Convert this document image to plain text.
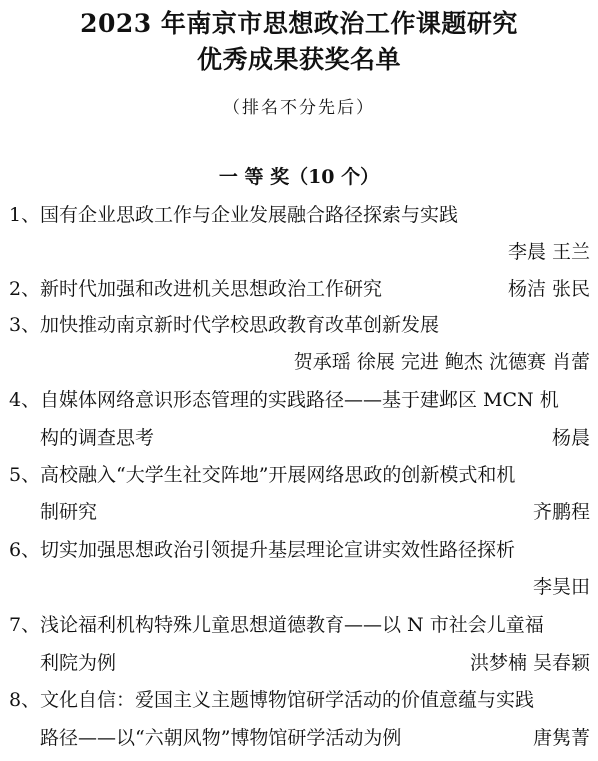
2023 年南京市思想政治工作课题研究
优秀成果获奖名单
（排名不分先后）
一 等 奖（10 个）
1、 国有企业思政工作与企业发展融合路径探索与实践
李晨 王兰
2、 新时代加强和改进机关思想政治工作研究	杨洁 张民
3、 加快推动南京新时代学校思政教育改革创新发展
贺承瑶 徐展 完进 鲍杰 沈德赛 肖蕾
4、 自媒体网络意识形态管理的实践路径——基于建邺区 MCN 机
构的调查思考	杨晨
5、 高校融入“大学生社交阵地”开展网络思政的创新模式和机
制研究	齐鹏程
6、 切实加强思想政治引领提升基层理论宣讲实效性路径探析
李昊田
7、 浅论福利机构特殊儿童思想道德教育——以 N 市社会儿童福
利院为例	洪梦楠 吴春颖
8、 文化自信：爱国主义主题博物馆研学活动的价值意蕴与实践
路径——以“六朝风物”博物馆研学活动为例	唐隽菁
